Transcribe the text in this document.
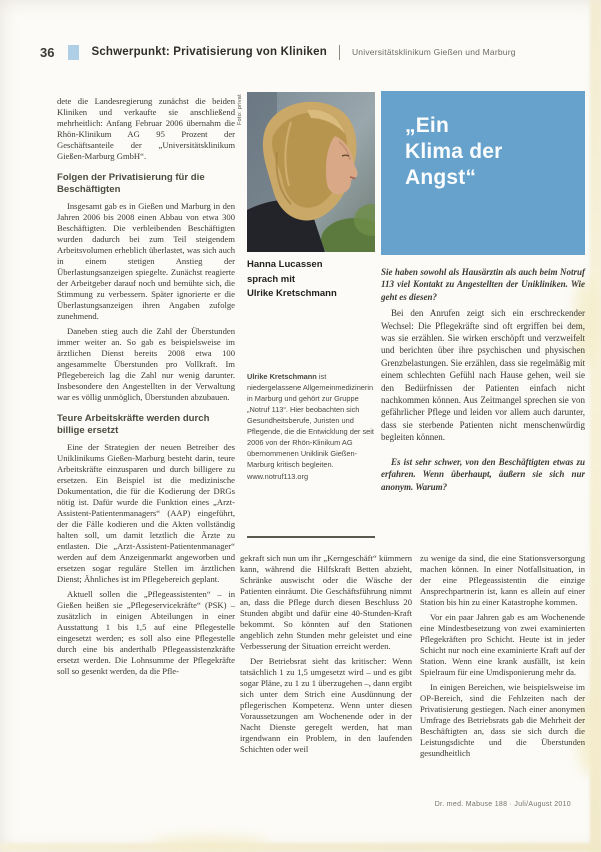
36	Schwerpunkt: Privatisierung von Kliniken	Universitätsklinikum Gießen und Marburg

dete die Landesregierung zunächst die beiden Kliniken und verkaufte sie anschließend mehrheitlich: Anfang Februar 2006 übernahm die Rhön-Klinikum AG 95 Prozent der Geschäftsanteile der „Universitätsklinikum Gießen-Marburg GmbH“.

Folgen der Privatisierung für die Beschäftigten

Insgesamt gab es in Gießen und Marburg in den Jahren 2006 bis 2008 einen Abbau von etwa 300 Beschäftigten. Die verbleibenden Beschäftigten wurden dadurch bei zum Teil steigendem Arbeitsvolumen erheblich überlastet, was sich auch in einem stetigen Anstieg der Überlastungsanzeigen spiegelte. Zunächst reagierte der Arbeitgeber darauf noch und bemühte sich, die Stimmung zu verbessern. Später ignorierte er die Überlastungsanzeigen ihren Angaben zufolge zunehmend.

Daneben stieg auch die Zahl der Überstunden immer weiter an. So gab es beispielsweise im ärztlichen Dienst bereits 2008 etwa 100 angesammelte Überstunden pro Vollkraft. Im Pflegebereich lag die Zahl nur wenig darunter. Insbesondere den Angestellten in der Verwaltung war es völlig unmöglich, Überstunden abzubauen.

Teure Arbeitskräfte werden durch billige ersetzt

Eine der Strategien der neuen Betreiber des Uniklinikums Gießen-Marburg besteht darin, teure Arbeitskräfte einzusparen und durch billigere zu ersetzen. Ein Beispiel ist die medizinische Dokumentation, die für die Kodierung der DRGs nötig ist. Dafür wurde die Funktion eines „Arzt-Assistent-Patientenmanagers“ (AAP) eingeführt, der die Fälle kodieren und die Akten vollständig halten soll, um damit letztlich die Ärzte zu entlasten. Die „Arzt-Assistent-Patientenmanager“ werden auf dem Anzeigenmarkt angeworben und ersetzen sogar reguläre Stellen im ärztlichen Dienst; Ähnliches ist im Pflegebereich geplant.

Aktuell sollen die „Pflegeassistenten“ – in Gießen heißen sie „Pflegeservicekräfte“ (PSK) – zusätzlich in einigen Abteilungen in einer Ausstattung 1 bis 1,5 auf eine Pflegestelle eingesetzt werden; es soll also eine Pflegestelle durch eine bis anderthalb Pflegeassistenzkräfte ersetzt werden. Die Lohnsumme der Pflegekräfte soll so gesenkt werden, da die Pfle-

Foto: privat
Hanna Lucassen
sprach mit
Ulrike Kretschmann
Ulrike Kretschmann ist niedergelassene Allgemeinmedizinerin in Marburg und gehört zur Gruppe „Notruf 113“. Hier beobachten sich Gesundheitsberufe, Juristen und Pflegende, die die Entwicklung der seit 2006 von der Rhön-Klinikum AG übernommenen Uniklinik Gießen-Marburg kritisch begleiten.
www.notruf113.org
„Ein
Klima der
Angst“

Sie haben sowohl als Hausärztin als auch beim Notruf 113 viel Kontakt zu Angestellten der Unikliniken. Wie geht es diesen?

Bei den Anrufen zeigt sich ein erschreckender Wechsel: Die Pflegekräfte sind oft ergriffen bei dem, was sie erzählen. Sie wirken erschöpft und verzweifelt und berichten über ihre psychischen und physischen Grenzbelastungen. Sie erzählen, dass sie regelmäßig mit einem schlechten Gefühl nach Hause gehen, weil sie den Bedürfnissen der Patienten einfach nicht nachkommen können. Aus Zeitmangel sprechen sie von gefährlicher Pflege und leiden vor allem auch darunter, dass sie sterbende Patienten nicht menschenwürdig begleiten können.

Es ist sehr schwer, von den Beschäftigten etwas zu erfahren. Wenn überhaupt, äußern sie sich nur anonym. Warum?

gekraft sich nun um ihr „Kerngeschäft“ kümmern kann, während die Hilfskraft Betten abzieht, Schränke auswischt oder die Wäsche der Patienten einräumt. Die Geschäftsführung nimmt an, dass die Pflege durch diesen Beschluss 20 Stunden abgibt und dafür eine 40-Stunden-Kraft bekommt. So könnten auf den Stationen angeblich zehn Stunden mehr geleistet und eine Verbesserung der Situation erreicht werden.

Der Betriebsrat sieht das kritischer: Wenn tatsächlich 1 zu 1,5 umgesetzt wird – und es gibt sogar Pläne, zu 1 zu 1 überzugehen –, dann ergibt sich unter dem Strich eine Ausdünnung der pflegerischen Kompetenz. Wenn unter diesen Voraussetzungen am Wochenende oder in der Nacht Dienste geregelt werden, hat man irgendwann ein Problem, in den laufenden Schichten oder weil

zu wenige da sind, die eine Stationsversorgung machen können. In einer Notfallsituation, in der eine Pflegeassistentin die einzige Ansprechpartnerin ist, kann es allein auf einer Station bis hin zu einer Katastrophe kommen.

Vor ein paar Jahren gab es am Wochenende eine Mindestbesetzung von zwei examinierten Pflegekräften pro Schicht. Heute ist in jeder Schicht nur noch eine examinierte Kraft auf der Station. Wenn eine krank ausfällt, ist kein Spielraum für eine Umdisponierung mehr da.

In einigen Bereichen, wie beispielsweise im OP-Bereich, sind die Fehlzeiten nach der Privatisierung gestiegen. Nach einer anonymen Umfrage des Betriebsrats gab die Mehrheit der Beschäftigten an, dass sie sich durch die Leistungsdichte und die Überstunden gesundheitlich

Dr. med. Mabuse 188 · Juli/August 2010
